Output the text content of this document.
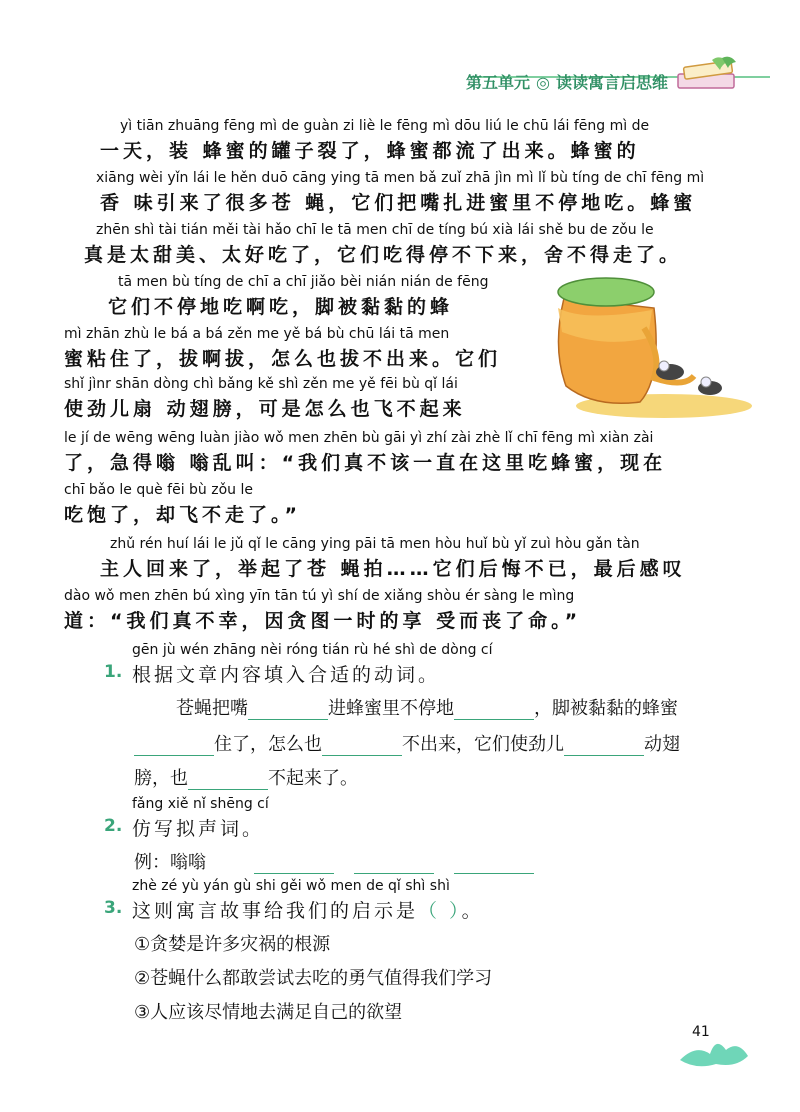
第五单元 ◎ 读读寓言启思维
yì tiān zhuāng fēng mì de guàn zi liè le fēng mì dōu liú le chū lái fēng mì de
一天，装 蜂蜜的罐子裂了，蜂蜜都流了出来。蜂蜜的
xiāng wèi yǐn lái le hěn duō cāng ying tā men bǎ zuǐ zhā jìn mì lǐ bù tíng de chī fēng mì
香 味引来了很多苍 蝇，它们把嘴扎进蜜里不停地吃。蜂蜜
zhēn shì tài tián měi tài hǎo chī le tā men chī de tíng bú xià lái shě bu de zǒu le
真是太甜美、太好吃了，它们吃得停不下来，舍不得走了。
tā men bù tíng de chī a chī jiǎo bèi nián nián de fēng
它们不停地吃啊吃，脚被黏黏的蜂
mì zhān zhù le bá a bá zěn me yě bá bù chū lái tā men
蜜粘住了，拔啊拔，怎么也拔不出来。它们
shǐ jìnr shān dòng chì bǎng kě shì zěn me yě fēi bù qǐ lái
使劲儿扇 动翅膀，可是怎么也飞不起来
le jí de wēng wēng luàn jiào wǒ men zhēn bù gāi yì zhí zài zhè lǐ chī fēng mì xiàn zài
了，急得嗡 嗡乱叫：“我们真不该一直在这里吃蜂蜜，现在
chī bǎo le què fēi bù zǒu le
吃饱了，却飞不走了。”
zhǔ rén huí lái le jǔ qǐ le cāng ying pāi tā men hòu huǐ bù yǐ zuì hòu gǎn tàn
主人回来了，举起了苍 蝇拍……它们后悔不已，最后感叹
dào wǒ men zhēn bú xìng yīn tān tú yì shí de xiǎng shòu ér sàng le mìng
道：“我们真不幸，因贪图一时的享 受而丧了命。”
gēn jù wén zhāng nèi róng tián rù hé shì de dòng cí
1. 根据文章内容填入合适的动词。
苍蝇把嘴	进蜂蜜里不停地	，脚被黏黏的蜂蜜
住了，怎么也	不出来，它们使劲儿	动翅
膀，也	不起来了。
fǎng xiě nǐ shēng cí
2. 仿写拟声词。
例：嗡嗡
zhè zé yù yán gù shi gěi wǒ men de qǐ shì shì
3. 这则寓言故事给我们的启示是（ ）。
①贪婪是许多灾祸的根源
②苍蝇什么都敢尝试去吃的勇气值得我们学习
③人应该尽情地去满足自己的欲望
41
